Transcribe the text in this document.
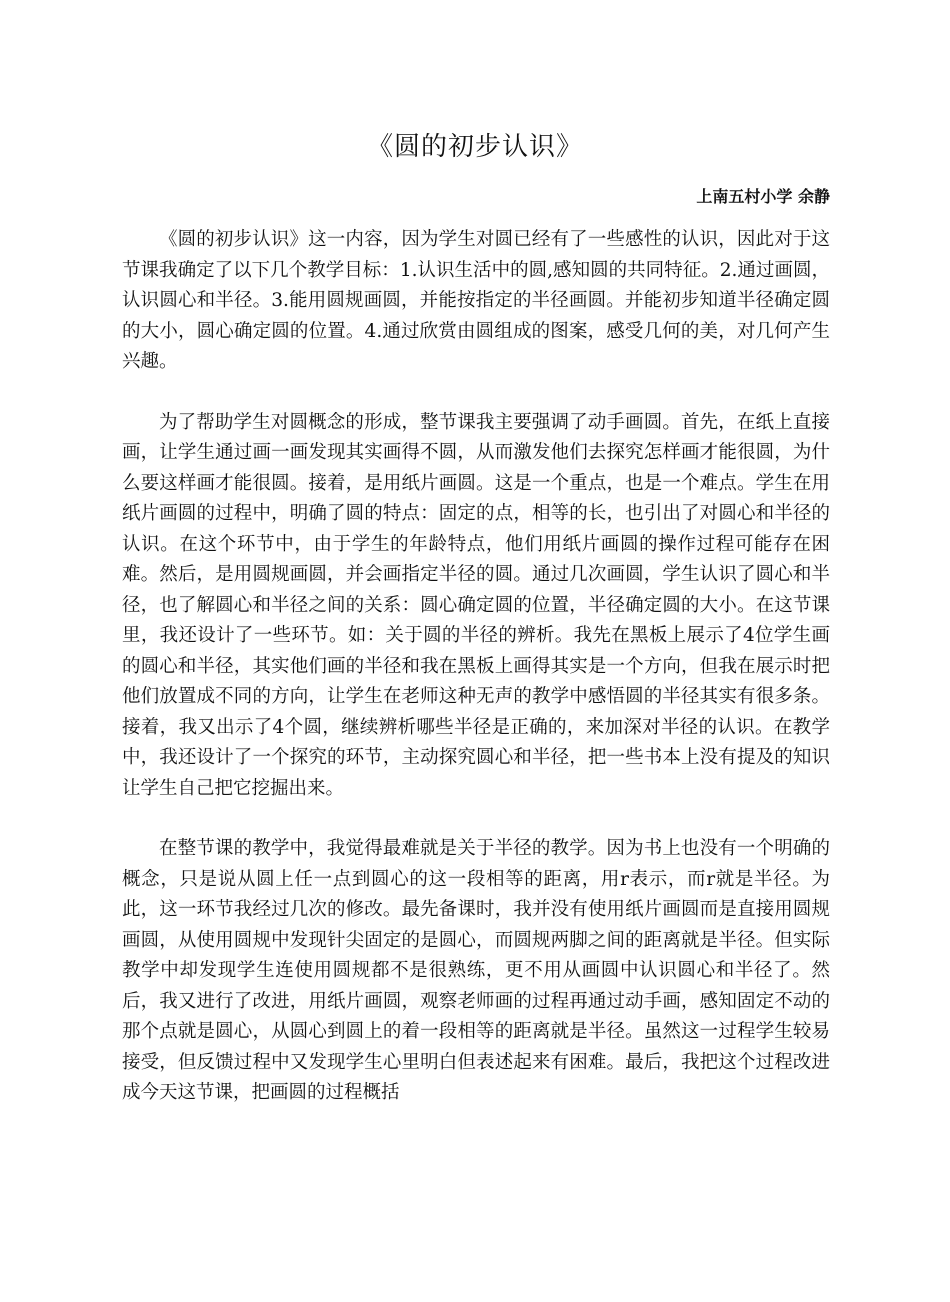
《圆的初步认识》
上南五村小学 余静

《圆的初步认识》这一内容，因为学生对圆已经有了一些感性的认识，因此对于这节课我确定了以下几个教学目标：1.认识生活中的圆,感知圆的共同特征。2.通过画圆，认识圆心和半径。3.能用圆规画圆，并能按指定的半径画圆。并能初步知道半径确定圆的大小，圆心确定圆的位置。4.通过欣赏由圆组成的图案，感受几何的美，对几何产生兴趣。

为了帮助学生对圆概念的形成，整节课我主要强调了动手画圆。首先，在纸上直接画，让学生通过画一画发现其实画得不圆，从而激发他们去探究怎样画才能很圆，为什么要这样画才能很圆。接着，是用纸片画圆。这是一个重点，也是一个难点。学生在用纸片画圆的过程中，明确了圆的特点：固定的点，相等的长，也引出了对圆心和半径的认识。在这个环节中，由于学生的年龄特点，他们用纸片画圆的操作过程可能存在困难。然后，是用圆规画圆，并会画指定半径的圆。通过几次画圆，学生认识了圆心和半径，也了解圆心和半径之间的关系：圆心确定圆的位置，半径确定圆的大小。在这节课里，我还设计了一些环节。如：关于圆的半径的辨析。我先在黑板上展示了4位学生画的圆心和半径，其实他们画的半径和我在黑板上画得其实是一个方向，但我在展示时把他们放置成不同的方向，让学生在老师这种无声的教学中感悟圆的半径其实有很多条。接着，我又出示了4个圆，继续辨析哪些半径是正确的，来加深对半径的认识。在教学中，我还设计了一个探究的环节，主动探究圆心和半径，把一些书本上没有提及的知识让学生自己把它挖掘出来。

在整节课的教学中，我觉得最难就是关于半径的教学。因为书上也没有一个明确的概念，只是说从圆上任一点到圆心的这一段相等的距离，用r表示，而r就是半径。为此，这一环节我经过几次的修改。最先备课时，我并没有使用纸片画圆而是直接用圆规画圆，从使用圆规中发现针尖固定的是圆心，而圆规两脚之间的距离就是半径。但实际教学中却发现学生连使用圆规都不是很熟练，更不用从画圆中认识圆心和半径了。然后，我又进行了改进，用纸片画圆，观察老师画的过程再通过动手画，感知固定不动的那个点就是圆心，从圆心到圆上的着一段相等的距离就是半径。虽然这一过程学生较易接受，但反馈过程中又发现学生心里明白但表述起来有困难。最后，我把这个过程改进成今天这节课，把画圆的过程概括
